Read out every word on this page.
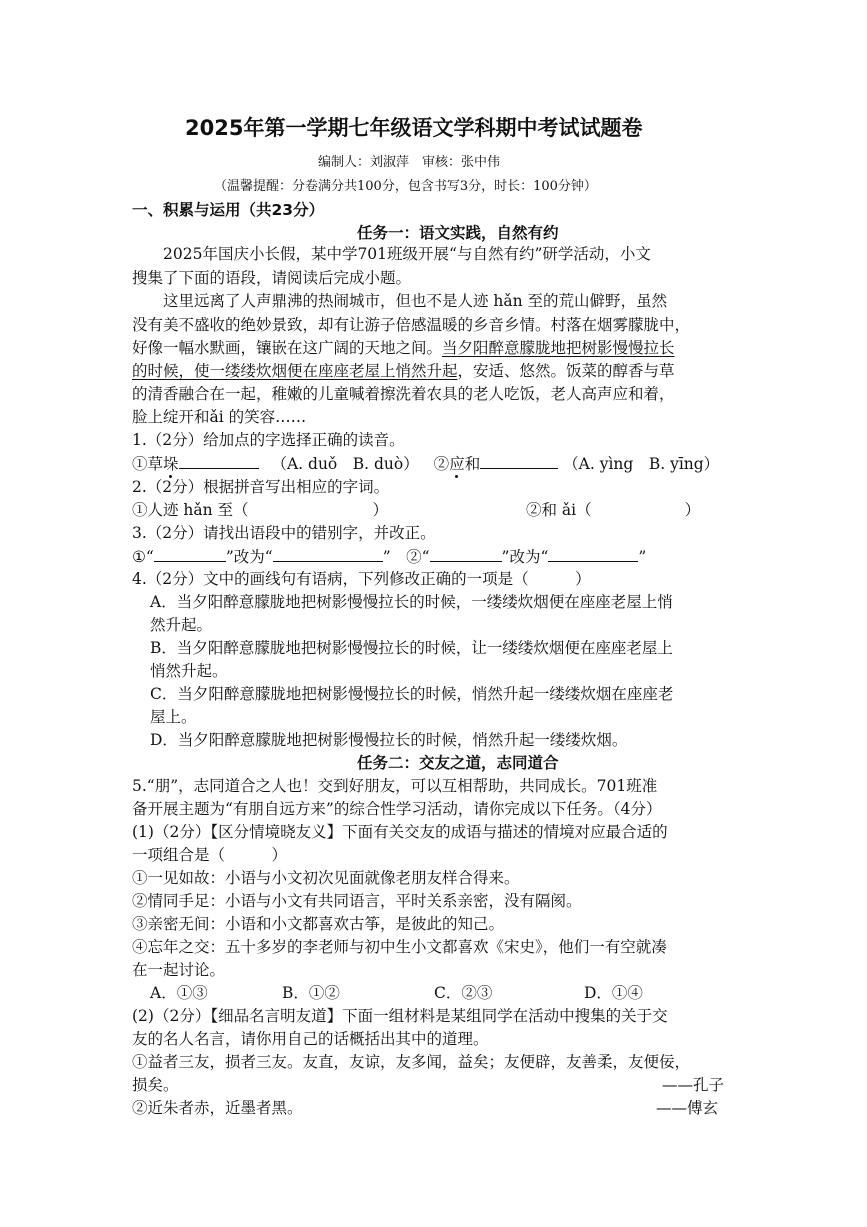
2025年第一学期七年级语文学科期中考试试题卷
编制人：刘淑萍　审核：张中伟
（温馨提醒：分卷满分共100分，包含书写3分，时长：100分钟）
一、积累与运用（共23分）
任务一：语文实践，自然有约
　　2025年国庆小长假，某中学701班级开展“与自然有约”研学活动，小文
搜集了下面的语段，请阅读后完成小题。
　　这里远离了人声鼎沸的热闹城市，但也不是人迹 hǎn 至的荒山僻野，虽然
没有美不盛收的绝妙景致，却有让游子倍感温暖的乡音乡情。村落在烟雾朦胧中，
好像一幅水默画，镶嵌在这广阔的天地之间。当夕阳醉意朦胧地把树影慢慢拉长
的时候，使一缕缕炊烟便在座座老屋上悄然升起，安适、悠然。饭菜的醇香与草
的清香融合在一起，稚嫩的儿童喊着擦洗着农具的老人吃饭，老人高声应和着，
脸上绽开和ǎi 的笑容……
1.（2分）给加点的字选择正确的读音。
①草垛	（A. duǒ　B. duò） ②应和	（A. yìng　B. yīng）
2.（2分）根据拼音写出相应的字词。
①人迹 hǎn 至（　　　　　　　　）	②和 ǎi（　　　　　　）
3.（2分）请找出语段中的错别字，并改正。
①“	”改为“	”　②“	”改为“	”
4.（2分）文中的画线句有语病，下列修改正确的一项是（　　　）
A．当夕阳醉意朦胧地把树影慢慢拉长的时候，一缕缕炊烟便在座座老屋上悄
然升起。
B．当夕阳醉意朦胧地把树影慢慢拉长的时候，让一缕缕炊烟便在座座老屋上
悄然升起。
C．当夕阳醉意朦胧地把树影慢慢拉长的时候，悄然升起一缕缕炊烟在座座老
屋上。
D．当夕阳醉意朦胧地把树影慢慢拉长的时候，悄然升起一缕缕炊烟。
任务二：交友之道，志同道合
5.“朋”，志同道合之人也！交到好朋友，可以互相帮助，共同成长。701班准
备开展主题为“有朋自远方来”的综合性学习活动，请你完成以下任务。（4分）
(1)（2分）【区分情境晓友义】下面有关交友的成语与描述的情境对应最合适的
一项组合是（　　　）
①一见如故：小语与小文初次见面就像老朋友样合得来。
②情同手足：小语与小文有共同语言，平时关系亲密，没有隔阂。
③亲密无间：小语和小文都喜欢古筝，是彼此的知己。
④忘年之交：五十多岁的李老师与初中生小文都喜欢《宋史》，他们一有空就凑
在一起讨论。
A．①③	B．①②	C．②③	D．①④
(2)（2分）【细品名言明友道】下面一组材料是某组同学在活动中搜集的关于交
友的名人名言，请你用自己的话概括出其中的道理。
①益者三友，损者三友。友直，友谅，友多闻，益矣；友便辟，友善柔，友便佞，
损矣。	——孔子
②近朱者赤，近墨者黑。	——傅玄
